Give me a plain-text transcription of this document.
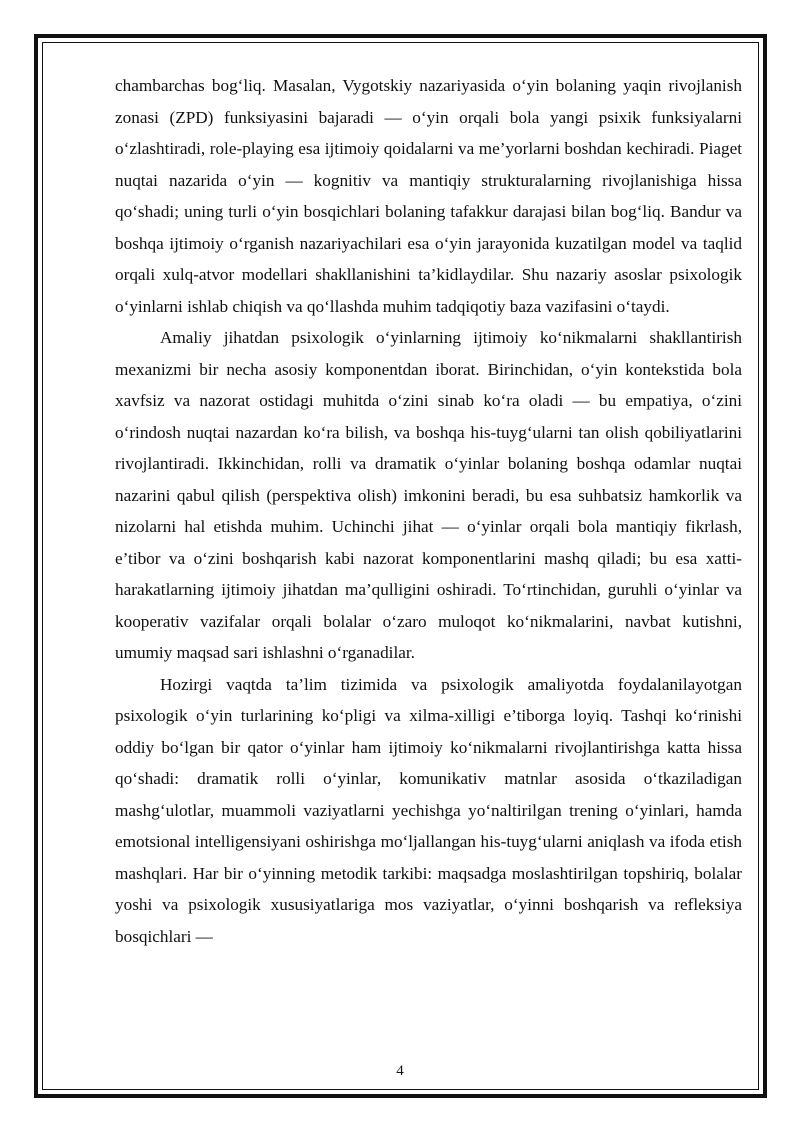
chambarchas bog‘liq. Masalan, Vygotskiy nazariyasida o‘yin bolaning yaqin rivojlanish zonasi (ZPD) funksiyasini bajaradi — o‘yin orqali bola yangi psixik funksiyalarni o‘zlashtiradi, role-playing esa ijtimoiy qoidalarni va me’yorlarni boshdan kechiradi. Piaget nuqtai nazarida o‘yin — kognitiv va mantiqiy strukturalarning rivojlanishiga hissa qo‘shadi; uning turli o‘yin bosqichlari bolaning tafakkur darajasi bilan bog‘liq. Bandur va boshqa ijtimoiy o‘rganish nazariyachilari esa o‘yin jarayonida kuzatilgan model va taqlid orqali xulq-atvor modellari shakllanishini ta’kidlaydilar. Shu nazariy asoslar psixologik o‘yinlarni ishlab chiqish va qo‘llashda muhim tadqiqotiy baza vazifasini o‘taydi.

Amaliy jihatdan psixologik o‘yinlarning ijtimoiy ko‘nikmalarni shakllantirish mexanizmi bir necha asosiy komponentdan iborat. Birinchidan, o‘yin kontekstida bola xavfsiz va nazorat ostidagi muhitda o‘zini sinab ko‘ra oladi — bu empatiya, o‘zini o‘rindosh nuqtai nazardan ko‘ra bilish, va boshqa his-tuyg‘ularni tan olish qobiliyatlarini rivojlantiradi. Ikkinchidan, rolli va dramatik o‘yinlar bolaning boshqa odamlar nuqtai nazarini qabul qilish (perspektiva olish) imkonini beradi, bu esa suhbatsiz hamkorlik va nizolarni hal etishda muhim. Uchinchi jihat — o‘yinlar orqali bola mantiqiy fikrlash, e’tibor va o‘zini boshqarish kabi nazorat komponentlarini mashq qiladi; bu esa xatti-harakatlarning ijtimoiy jihatdan ma’qulligini oshiradi. To‘rtinchidan, guruhli o‘yinlar va kooperativ vazifalar orqali bolalar o‘zaro muloqot ko‘nikmalarini, navbat kutishni, umumiy maqsad sari ishlashni o‘rganadilar.

Hozirgi vaqtda ta’lim tizimida va psixologik amaliyotda foydalanilayotgan psixologik o‘yin turlarining ko‘pligi va xilma-xilligi e’tiborga loyiq. Tashqi ko‘rinishi oddiy bo‘lgan bir qator o‘yinlar ham ijtimoiy ko‘nikmalarni rivojlantirishga katta hissa qo‘shadi: dramatik rolli o‘yinlar, komunikativ matnlar asosida o‘tkaziladigan mashg‘ulotlar, muammoli vaziyatlarni yechishga yo‘naltirilgan trening o‘yinlari, hamda emotsional intelligensiyani oshirishga mo‘ljallangan his-tuyg‘ularni aniqlash va ifoda etish mashqlari. Har bir o‘yinning metodik tarkibi: maqsadga moslashtirilgan topshiriq, bolalar yoshi va psixologik xususiyatlariga mos vaziyatlar, o‘yinni boshqarish va refleksiya bosqichlari —

4
